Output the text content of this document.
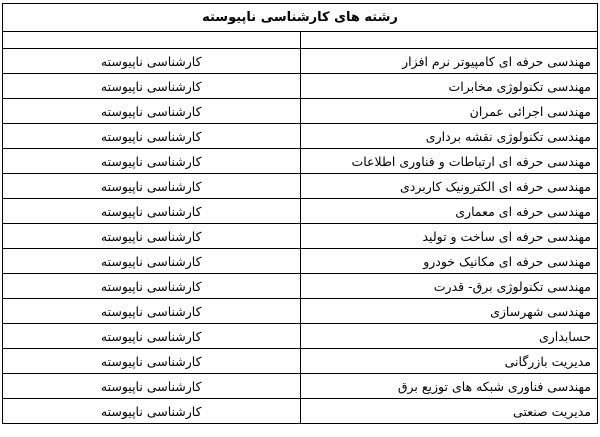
رشته های کارشناسی ناپیوسته	

مهندسی حرفه ای کامپیوتر نرم افزار	کارشناسی ناپیوسته
مهندسی تکنولوژی مخابرات	کارشناسی ناپیوسته
مهندسی اجرائی عمران	کارشناسی ناپیوسته
مهندسی تکنولوژی نقشه برداری	کارشناسی ناپیوسته
مهندسی حرفه ای ارتباطات و فناوری اطلاعات	کارشناسی ناپیوسته
مهندسی حرفه ای الکترونیک کاربردی	کارشناسی ناپیوسته
مهندسی حرفه ای معماری	کارشناسی ناپیوسته
مهندسی حرفه ای ساخت و تولید	کارشناسی ناپیوسته
مهندسی حرفه ای مکانیک خودرو	کارشناسی ناپیوسته
مهندسی تکنولوژی برق- قدرت	کارشناسی ناپیوسته
مهندسی شهرسازی	کارشناسی ناپیوسته
حسابداری	کارشناسی ناپیوسته
مدیریت بازرگانی	کارشناسی ناپیوسته
مهندسی فناوری شبکه های توزیع برق	کارشناسی ناپیوسته
مدیریت صنعتی	کارشناسی ناپیوسته
